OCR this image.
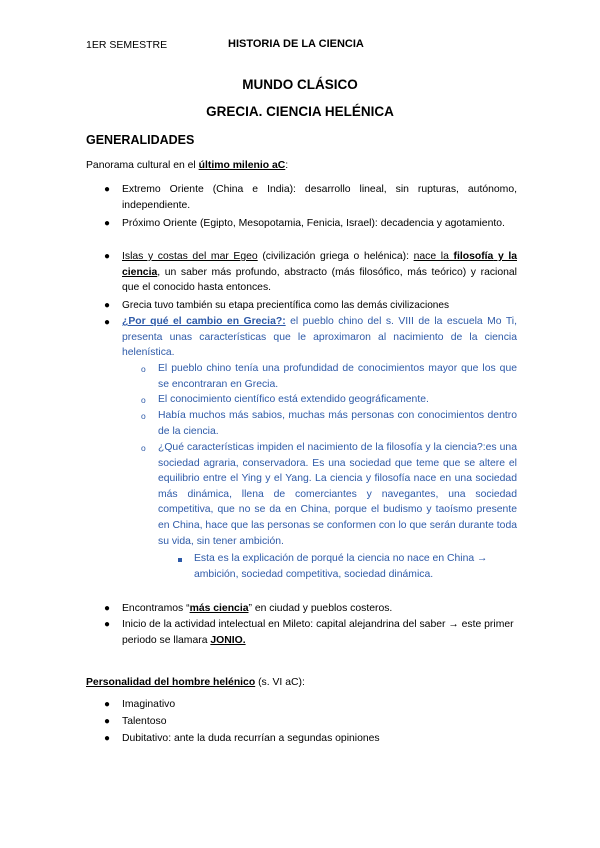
1ER SEMESTRE	HISTORIA DE LA CIENCIA
MUNDO CLÁSICO
GRECIA. CIENCIA HELÉNICA
GENERALIDADES
Panorama cultural en el último milenio aC:
● Extremo Oriente (China e India): desarrollo lineal, sin rupturas, autónomo, independiente.
● Próximo Oriente (Egipto, Mesopotamia, Fenicia, Israel): decadencia y agotamiento.
● Islas y costas del mar Egeo (civilización griega o helénica): nace la filosofía y la ciencia, un saber más profundo, abstracto (más filosófico, más teórico) y racional que el conocido hasta entonces.
● Grecia tuvo también su etapa precientífica como las demás civilizaciones
● ¿Por qué el cambio en Grecia?: el pueblo chino del s. VIII de la escuela Mo Ti, presenta unas características que le aproximaron al nacimiento de la ciencia helenística.
o El pueblo chino tenía una profundidad de conocimientos mayor que los que se encontraran en Grecia.
o El conocimiento científico está extendido geográficamente.
o Había muchos más sabios, muchas más personas con conocimientos dentro de la ciencia.
o ¿Qué características impiden el nacimiento de la filosofía y la ciencia?:es una sociedad agraria, conservadora. Es una sociedad que teme que se altere el equilibrio entre el Ying y el Yang. La ciencia y filosofía nace en una sociedad más dinámica, llena de comerciantes y navegantes, una sociedad competitiva, que no se da en China, porque el budismo y taoísmo presente en China, hace que las personas se conformen con lo que serán durante toda su vida, sin tener ambición.
Esta es la explicación de porqué la ciencia no nace en China → ambición, sociedad competitiva, sociedad dinámica.
● Encontramos “más ciencia” en ciudad y pueblos costeros.
● Inicio de la actividad intelectual en Mileto: capital alejandrina del saber → este primer periodo se llamara JONIO.
Personalidad del hombre helénico (s. VI aC):
● Imaginativo
● Talentoso
● Dubitativo: ante la duda recurrían a segundas opiniones
